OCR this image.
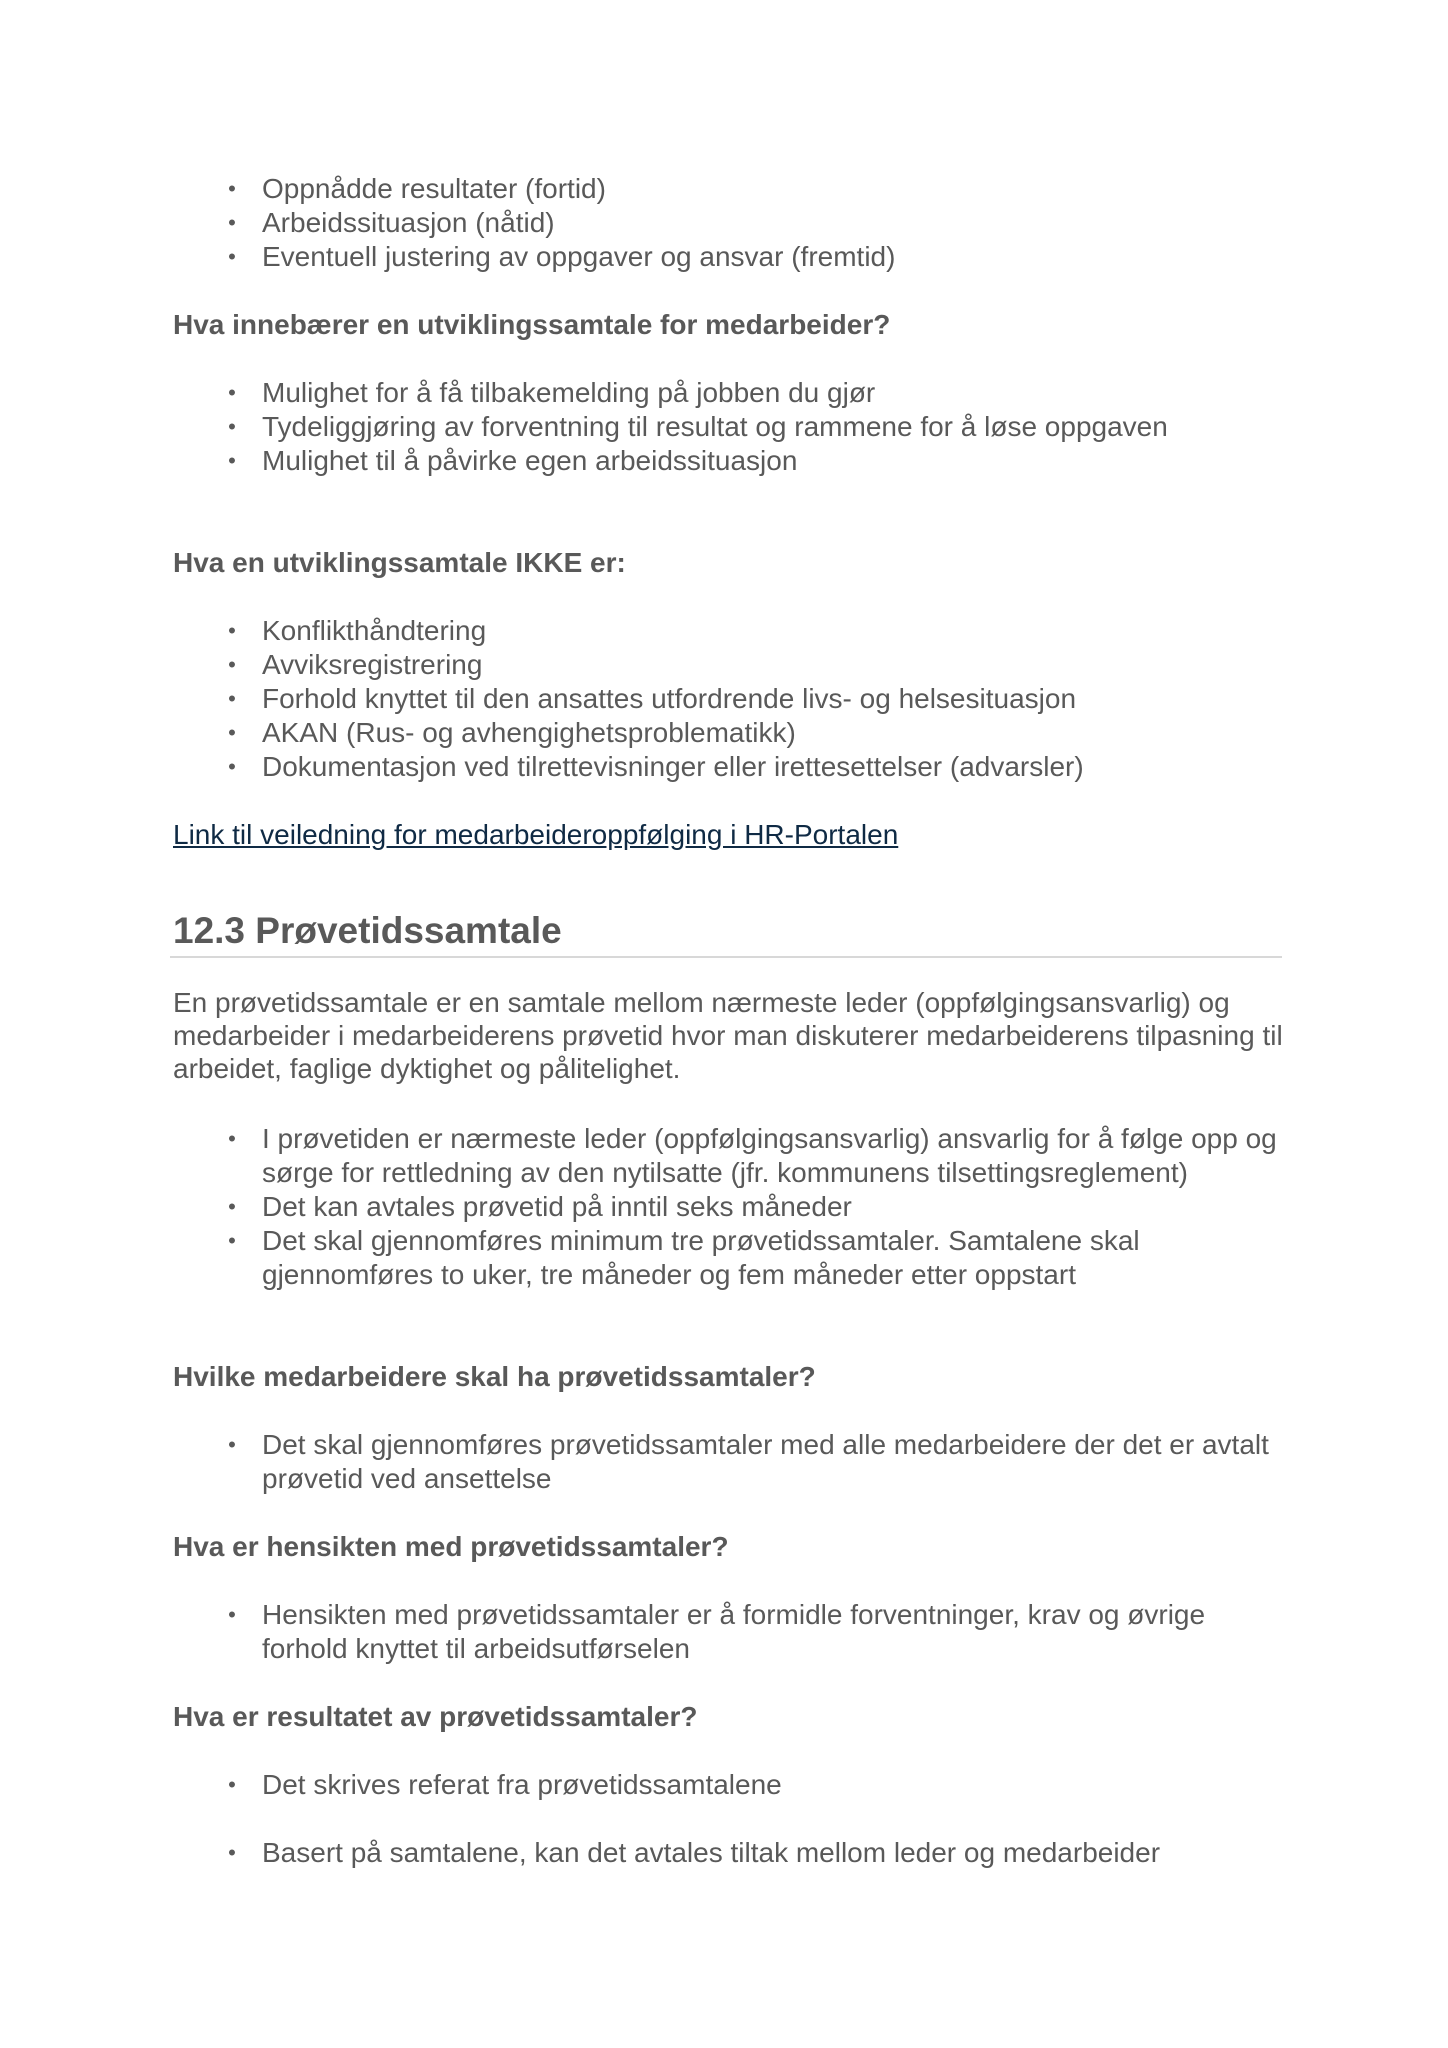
• Oppnådde resultater (fortid)
• Arbeidssituasjon (nåtid)
• Eventuell justering av oppgaver og ansvar (fremtid)
Hva innebærer en utviklingssamtale for medarbeider?
• Mulighet for å få tilbakemelding på jobben du gjør
• Tydeliggjøring av forventning til resultat og rammene for å løse oppgaven
• Mulighet til å påvirke egen arbeidssituasjon
Hva en utviklingssamtale IKKE er:
• Konflikthåndtering
• Avviksregistrering
• Forhold knyttet til den ansattes utfordrende livs- og helsesituasjon
• AKAN (Rus- og avhengighetsproblematikk)
• Dokumentasjon ved tilrettevisninger eller irettesettelser (advarsler)
Link til veiledning for medarbeideroppfølging i HR-Portalen
12.3 Prøvetidssamtale

En prøvetidssamtale er en samtale mellom nærmeste leder (oppfølgingsansvarlig) og medarbeider i medarbeiderens prøvetid hvor man diskuterer medarbeiderens tilpasning til arbeidet, faglige dyktighet og pålitelighet.

• I prøvetiden er nærmeste leder (oppfølgingsansvarlig) ansvarlig for å følge opp og sørge for rettledning av den nytilsatte (jfr. kommunens tilsettingsreglement)
• Det kan avtales prøvetid på inntil seks måneder
• Det skal gjennomføres minimum tre prøvetidssamtaler. Samtalene skal gjennomføres to uker, tre måneder og fem måneder etter oppstart
Hvilke medarbeidere skal ha prøvetidssamtaler?
• Det skal gjennomføres prøvetidssamtaler med alle medarbeidere der det er avtalt prøvetid ved ansettelse
Hva er hensikten med prøvetidssamtaler?
• Hensikten med prøvetidssamtaler er å formidle forventninger, krav og øvrige forhold knyttet til arbeidsutførselen
Hva er resultatet av prøvetidssamtaler?
• Det skrives referat fra prøvetidssamtalene
• Basert på samtalene, kan det avtales tiltak mellom leder og medarbeider
